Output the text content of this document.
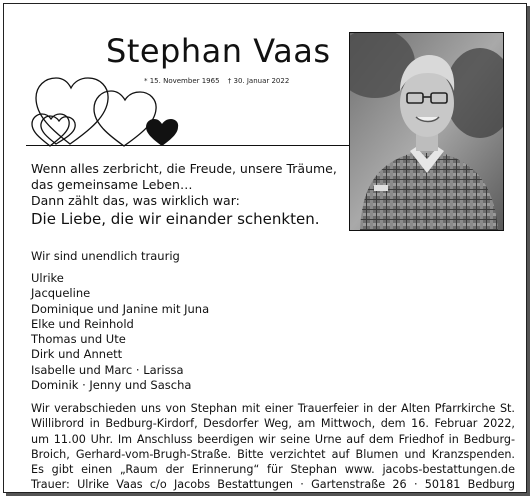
Stephan Vaas
* 15. November 1965 † 30. Januar 2022
Wenn alles zerbricht, die Freude, unsere Träume,
das gemeinsame Leben…
Dann zählt das, was wirklich war:
Die Liebe, die wir einander schenkten.
Wir sind unendlich traurig
Ulrike
Jacqueline
Dominique und Janine mit Juna
Elke und Reinhold
Thomas und Ute
Dirk und Annett
Isabelle und Marc · Larissa
Dominik · Jenny und Sascha
Wir verabschieden uns von Stephan mit einer Trauerfeier in der Alten Pfarrkirche St.
Willibrord in Bedburg-Kirdorf, Desdorfer Weg, am Mittwoch, dem 16. Februar 2022,
um 11.00 Uhr. Im Anschluss beerdigen wir seine Urne auf dem Friedhof in Bedburg-
Broich, Gerhard-vom-Brugh-Straße. Bitte verzichtet auf Blumen und Kranzspenden.
Es gibt einen „Raum der Erinnerung“ für Stephan www. jacobs-bestattungen.de
Trauer: Ulrike Vaas c/o Jacobs Bestattungen · Gartenstraße 26 · 50181 Bedburg
